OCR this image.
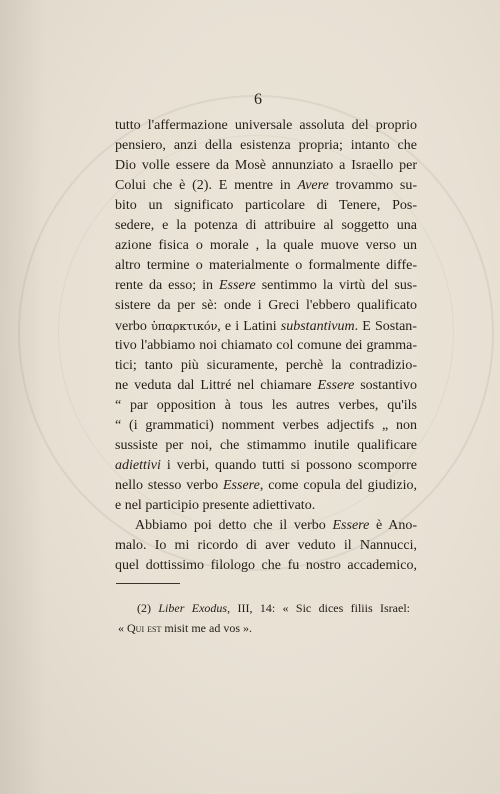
6
tutto l'affermazione universale assoluta del proprio
pensiero, anzi della esistenza propria; intanto che
Dio volle essere da Mosè annunziato a Israello per
Colui che è (2). E mentre in Avere trovammo su-
bito un significato particolare di Tenere, Pos-
sedere, e la potenza di attribuire al soggetto una
azione fisica o morale , la quale muove verso un
altro termine o materialmente o formalmente diffe-
rente da esso; in Essere sentimmo la virtù del sus-
sistere da per sè: onde i Greci l'ebbero qualificato
verbo ὑπαρκτικόν, e i Latini substantivum. E Sostan-
tivo l'abbiamo noi chiamato col comune dei gramma-
tici; tanto più sicuramente, perchè la contradizio-
ne veduta dal Littré nel chiamare Essere sostantivo
“ par opposition à tous les autres verbes, qu'ils
“ (i grammatici) nomment verbes adjectifs „ non
sussiste per noi, che stimammo inutile qualificare
adiettivi i verbi, quando tutti si possono scomporre
nello stesso verbo Essere, come copula del giudizio,
e nel participio presente adiettivato.
Abbiamo poi detto che il verbo Essere è Ano-
malo. Io mi ricordo di aver veduto il Nannucci,
quel dottissimo filologo che fu nostro accademico,
(2) Liber Exodus, III, 14: « Sic dices filiis Israel:
« Qui est misit me ad vos ».
